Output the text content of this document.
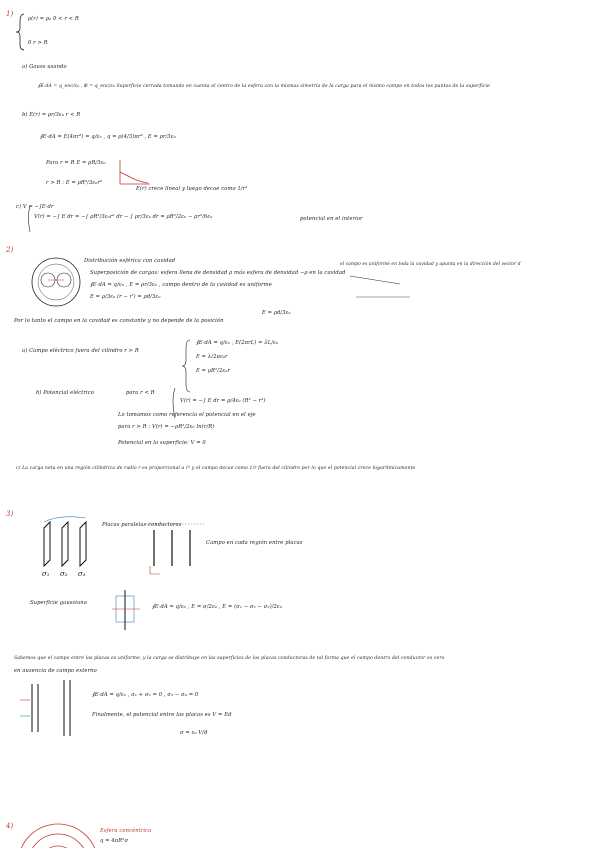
1)
2)
3)
4)
ρ(r) = ρ₀ 0 < r < R
0 r > R
a) Gauss usando
∮E·dA = q_enc/ε₀ , Φ = q_enc/ε₀ Superficie cerrada tomando en cuenta el centro de la esfera con la mismas simetría de la carga para el mismo campo en todos los puntos de la superficie
b) E(r) = ρr/3ε₀ r < R
∮E·dA = E(4πr²) = q/ε₀ , q = ρ(4/3)πr³ , E = ρr/3ε₀
Para r = R E = ρR/3ε₀
r > R : E = ρR³/3ε₀r²
E(r) crece lineal y luego decae como 1/r²
c) V = −∫E·dr
V(r) = −∫ E dr = −∫ ρR³/3ε₀r² dr − ∫ ρr/3ε₀ dr = ρR²/2ε₀ − ρr²/6ε₀	potencial en el interior
Distribución esférica con cavidad
Superposición de cargas: esfera llena de densidad ρ más esfera de densidad −ρ en la cavidad
∮E·dA = q/ε₀ , E = ρr/3ε₀ , campo dentro de la cavidad es uniforme
E = ρ/3ε₀ (r − r′) = ρd/3ε₀
el campo es uniforme en toda la cavidad y apunta en la dirección del vector d
Por lo tanto el campo en la cavidad es constante y no depende de la posición
E = ρd/3ε₀
a) Campo eléctrico fuera del cilindro r > R
∮E·dA = q/ε₀ , E(2πrL) = λL/ε₀
E = λ/2πε₀r
E = ρR²/2ε₀r
b) Potencial eléctrico	para r < R
V(r) = −∫ E dr = ρ/4ε₀ (R² − r²)
Lo tomamos como referencia el potencial en el eje
para r > R : V(r) = −ρR²/2ε₀ ln(r/R)
Potencial en la superficie: V = 0
c) La carga neta en una región cilíndrica de radio r es proporcional a r² y el campo decae como 1/r fuera del cilindro por lo que el potencial crece logarítmicamente
Placas paralelas conductoras
σ₁ σ₂ σ₃
Campo en cada región entre placas
Superficie gaussiana
∮E·dA = q/ε₀ , E = σ/2ε₀ , E = (σ₁ − σ₂ − σ₃)/2ε₀
Sabemos que el campo entre las placas es uniforme, y la carga se distribuye en las superficies de las placas conductoras de tal forma que el campo dentro del conductor es cero
en ausencia de campo externo
∮E·dA = q/ε₀ , σ₁ + σ₂ = 0 , σ₃ − σ₄ = 0
Finalmente, el potencial entre las placas es V = Ed
σ = ε₀ V/d
Esfera concéntrica
q = 4πR²σ
